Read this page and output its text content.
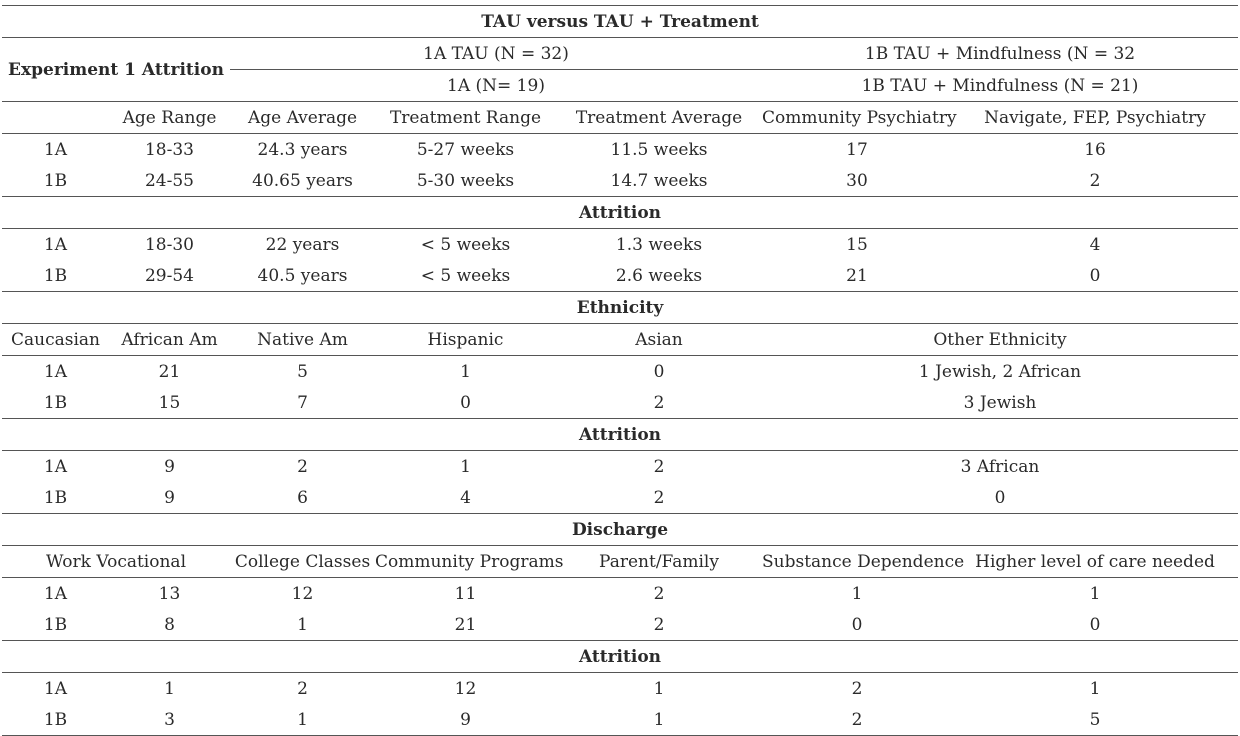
TAU versus TAU + Treatment						
Experiment 1 Attrition		1A TAU (N = 32)			1B TAU + Mindfulness (N = 32	
		1A (N= 19)			1B TAU + Mindfulness (N = 21)	
	Age Range	Age Average	Treatment Range	Treatment Average	Community Psychiatry	Navigate, FEP, Psychiatry
1A	18-33	24.3 years	5-27 weeks	11.5 weeks	17	16
1B	24-55	40.65 years	5-30 weeks	14.7 weeks	30	2
Attrition						
1A	18-30	22 years	< 5 weeks	1.3 weeks	15	4
1B	29-54	40.5 years	< 5 weeks	2.6 weeks	21	0
Ethnicity						
Caucasian	African Am	Native Am	Hispanic	Asian	Other Ethnicity	
1A	21	5	1	0	1 Jewish, 2 African	
1B	15	7	0	2	3 Jewish	
Attrition						
1A	9	2	1	2	3 African	
1B	9	6	4	2	0	
Discharge						
Work Vocational		College Classes	Community Programs	Parent/Family	Substance Dependence	Higher level of care needed
1A	13	12	11	2	1	1
1B	8	1	21	2	0	0
Attrition						
1A	1	2	12	1	2	1
1B	3	1	9	1	2	5
